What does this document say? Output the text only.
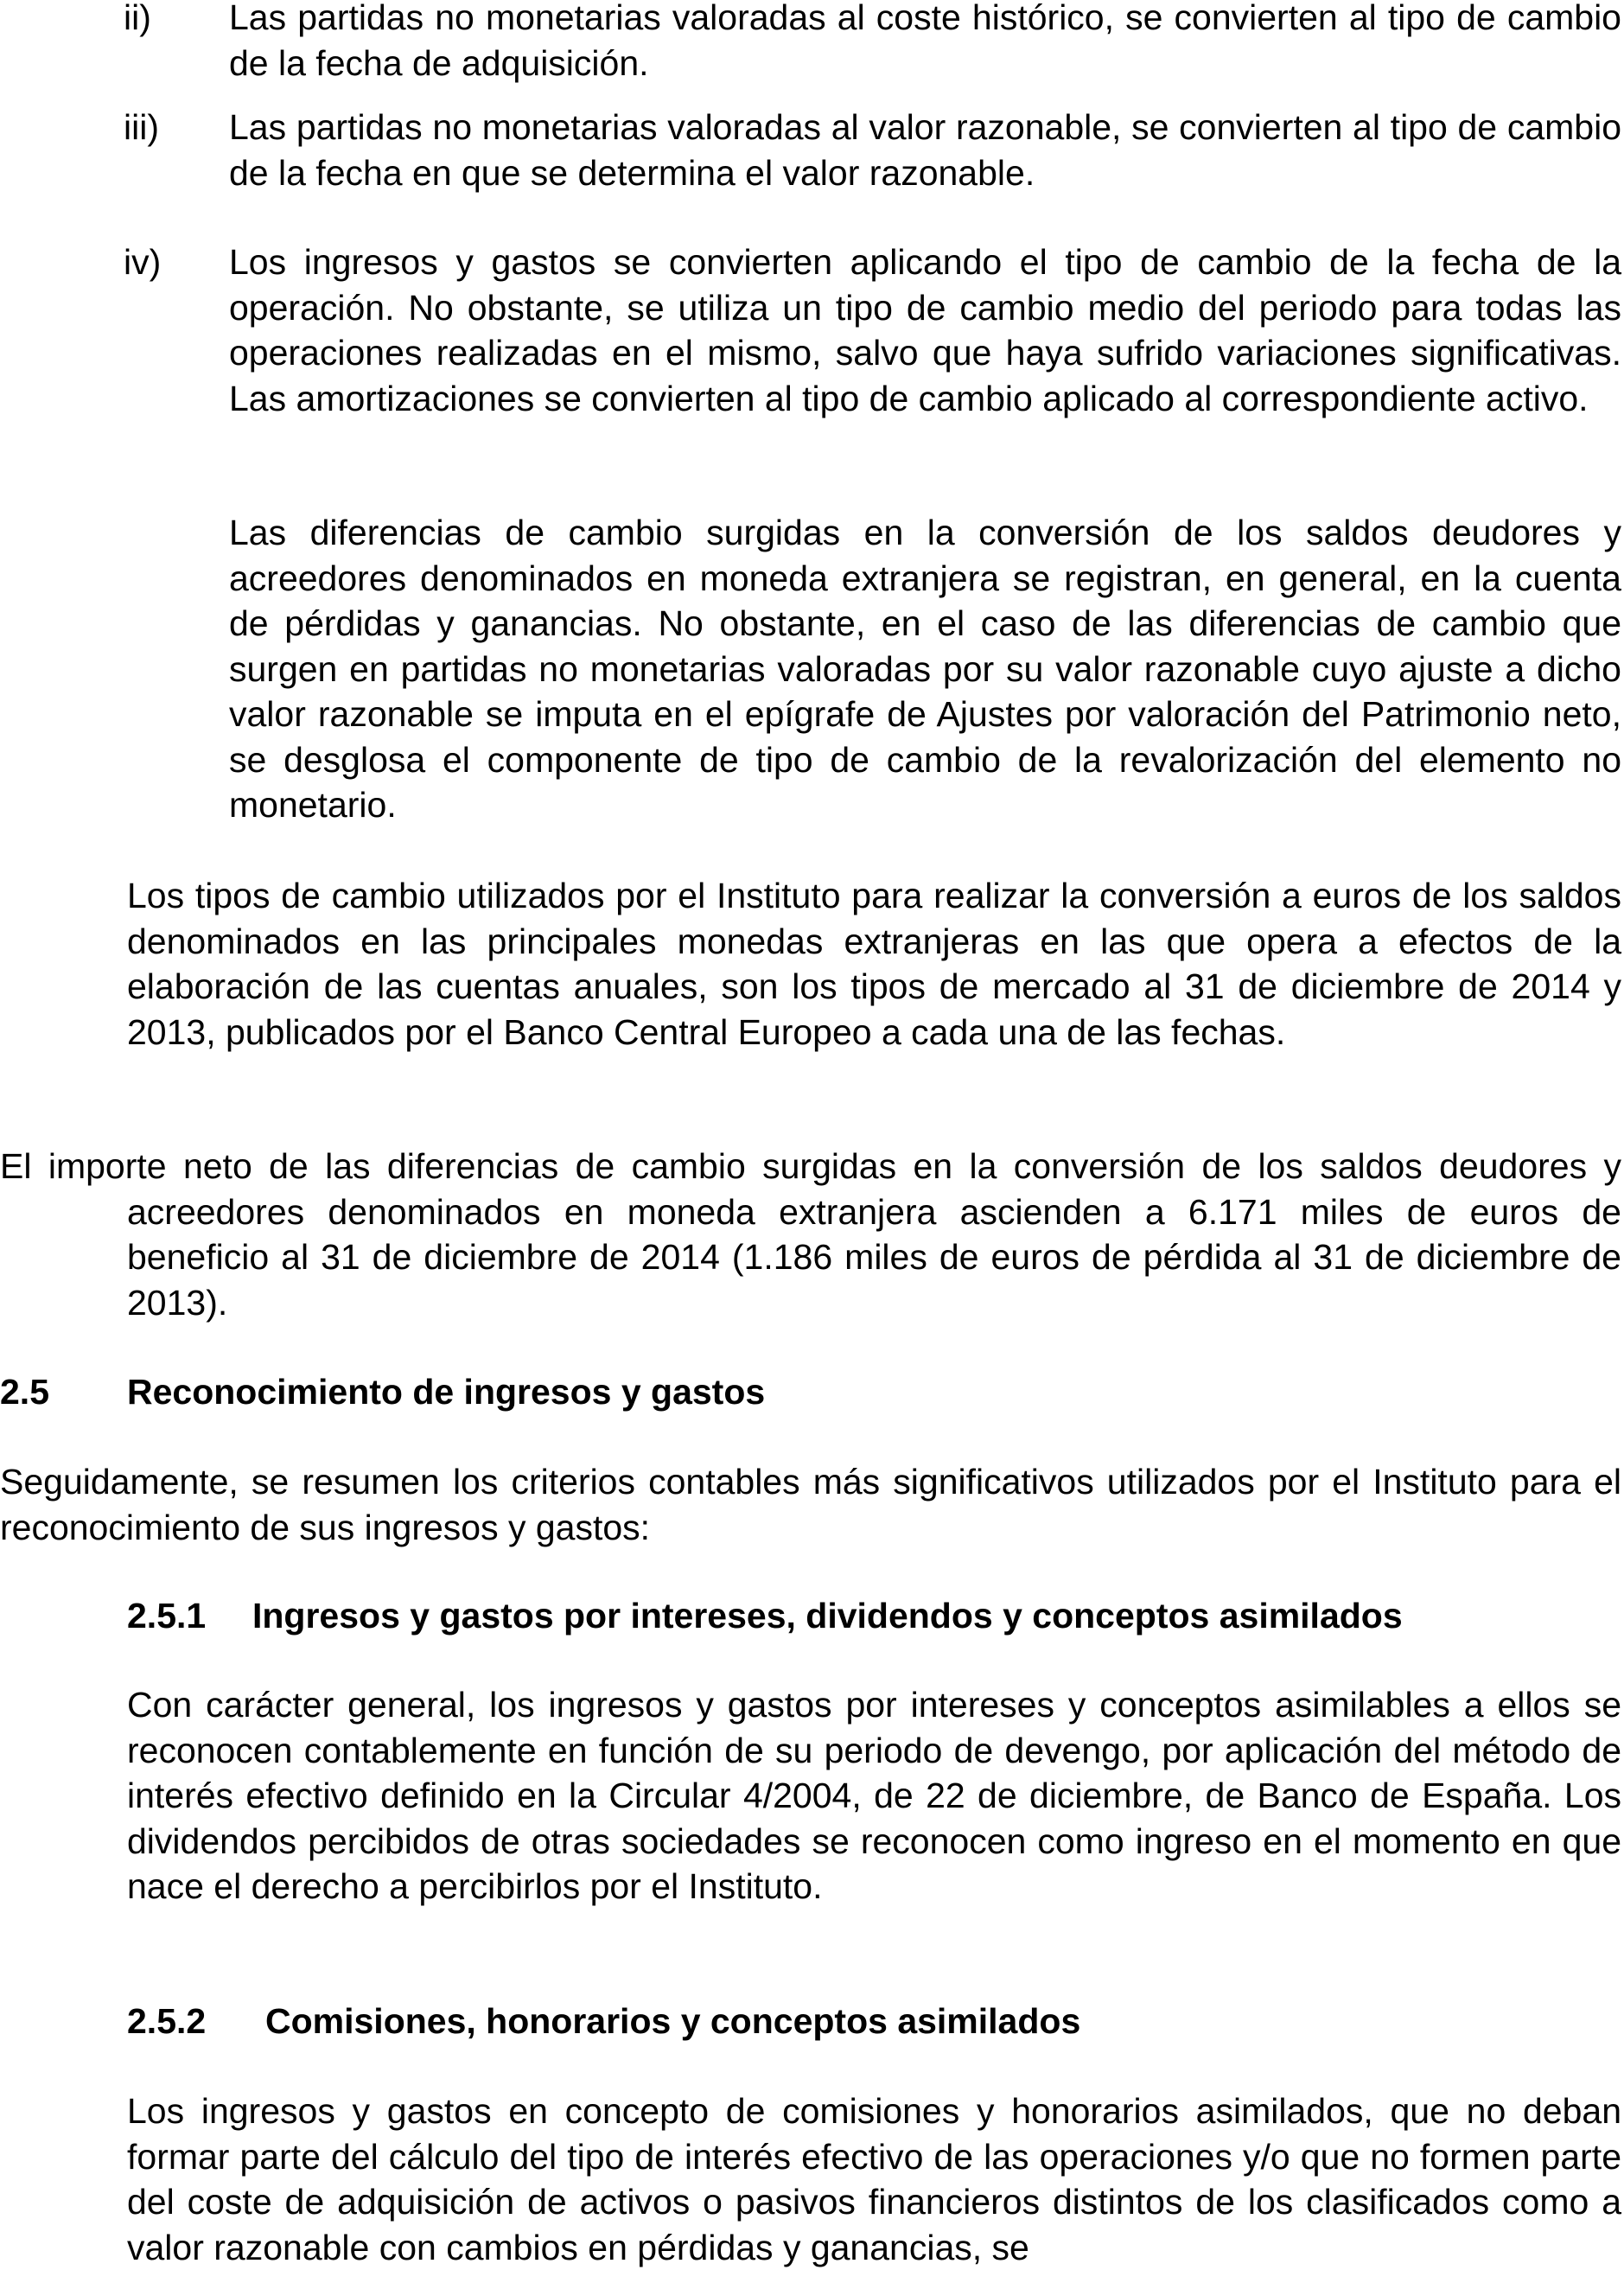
ii)	Las partidas no monetarias valoradas al coste histórico, se convierten al tipo de cambio de la fecha de adquisición.
iii)	Las partidas no monetarias valoradas al valor razonable, se convierten al tipo de cambio de la fecha en que se determina el valor razonable.
iv)	Los ingresos y gastos se convierten aplicando el tipo de cambio de la fecha de la operación. No obstante, se utiliza un tipo de cambio medio del periodo para todas las operaciones realizadas en el mismo, salvo que haya sufrido variaciones significativas. Las amortizaciones se convierten al tipo de cambio aplicado al correspondiente activo.
Las diferencias de cambio surgidas en la conversión de los saldos deudores y acreedores denominados en moneda extranjera se registran, en general, en la cuenta de pérdidas y ganancias. No obstante, en el caso de las diferencias de cambio que surgen en partidas no monetarias valoradas por su valor razonable cuyo ajuste a dicho valor razonable se imputa en el epígrafe de Ajustes por valoración del Patrimonio neto, se desglosa el componente de tipo de cambio de la revalorización del elemento no monetario.
Los tipos de cambio utilizados por el Instituto para realizar la conversión a euros de los saldos denominados en las principales monedas extranjeras en las que opera a efectos de la elaboración de las cuentas anuales, son los tipos de mercado al 31 de diciembre de 2014 y 2013, publicados por el Banco Central Europeo a cada una de las fechas.
El importe neto de las diferencias de cambio surgidas en la conversión de los saldos deudores y acreedores denominados en moneda extranjera ascienden a 6.171 miles de euros de beneficio al 31 de diciembre de 2014 (1.186 miles de euros de pérdida al 31 de diciembre de 2013).
2.5 Reconocimiento de ingresos y gastos
Seguidamente, se resumen los criterios contables más significativos utilizados por el Instituto para el reconocimiento de sus ingresos y gastos:
2.5.1 Ingresos y gastos por intereses, dividendos y conceptos asimilados
Con carácter general, los ingresos y gastos por intereses y conceptos asimilables a ellos se reconocen contablemente en función de su periodo de devengo, por aplicación del método de interés efectivo definido en la Circular 4/2004, de 22 de diciembre, de Banco de España. Los dividendos percibidos de otras sociedades se reconocen como ingreso en el momento en que nace el derecho a percibirlos por el Instituto.
2.5.2 Comisiones, honorarios y conceptos asimilados
Los ingresos y gastos en concepto de comisiones y honorarios asimilados, que no deban formar parte del cálculo del tipo de interés efectivo de las operaciones y/o que no formen parte del coste de adquisición de activos o pasivos financieros distintos de los clasificados como a valor razonable con cambios en pérdidas y ganancias, se
